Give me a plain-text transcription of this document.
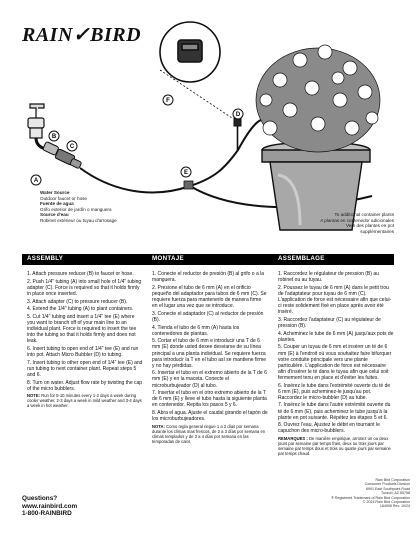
RAIN✓BIRD
A
B
C
D
E
F
Water Source
Outdoor faucet or hose
Fuente de agua
Grifo exterior de jardín o manguera
Source d'eau
Robinet extérieur ou tuyau d'arrosage
To additional container plants
A plantas en contenedor adicionales
Vers des plantes en pot supplémentaires
ASSEMBLY	MONTAJE	ASSEMBLAGE
1. Attach pressure reducer (B) to faucet or hose.
2. Push 1/4" tubing (A) into small hole of 1/4" tubing adapter (C). Force is required so that it holds firmly in place once inserted.
3. Attach adapter (C) to pressure reducer (B).
4. Extend the 1/4" tubing (A) to plant containers.
5. Cut 1/4" tubing and insert a 1/4" tee (E) where you want to branch off of your main line to an individual plant. Force is required to insert the tee into the tubing so that it holds firmly and does not leak.
6. Insert tubing to open end of 1/4" tee (E) and run into pot. Attach Micro Bubbler (D) to tubing.
7. Insert tubing to other open end of 1/4" tee (E) and run tubing to next container plant. Repeat steps 5 and 6.
8. Turn on water. Adjust flow rate by twisting the cap of the micro bubblers.
NOTE: Run for 5-10 minutes every 1-2 days a week during cooler weather, 2-3 days a week in mild weather and 3-4 days a week in hot weather.
1. Conecte el reductor de presión (B) al grifo o a la manguera.
2. Presione el tubo de 6 mm (A) en el orificio pequeño del adaptador para tubos de 6 mm (C). Se requiere fuerza para mantenerlo de manera firme en el lugar una vez que se introduce.
3. Conecte el adaptador (C) al reductor de presión (B).
4. Tienda el tubo de 6 mm (A) hasta los contenedores de plantas.
5. Cortar el tubo de 6 mm e introducir una T de 6 mm (E) donde usted desee desviarse de su línea principal a una planta individual. Se requiere fuerza para introducir la T en el tubo así se mantiene firme y no hay pérdidas.
6. Insertar el tubo en el extremo abierto de la T de 6 mm (E) y en la maceta. Conecte el microburbujeador (D) al tubo.
7. Insertar el tubo en el otro extremo abierto de la T de 6 mm (E) y lleve el tubo hasta la siguiente planta en contenedor. Repita los pasos 5 y 6.
8. Abra el agua. Ajuste el caudal girando el tapón de los microburbujeadores.
NOTA: Como regla general riegue 1 a 2 días por semana durante los climas mas frescos, de 2 a 3 días por semana en climas templados y de 3 a 4 días por semana en las temporadas de calor.
1. Raccordez le régulateur de pression (B) au robinet ou au tuyau.
2. Poussez le tuyau de 6 mm (A) dans le petit trou de l'adaptateur pour tuyau de 6 mm (C). L'application de force est nécessaire afin que celui-ci reste solidement fixé en place après avoir été inséré.
3. Raccordez l'adaptateur (C) au régulateur de pression (B).
4. Acheminez le tube de 6 mm (A) jusqu'aux pots de plantes.
5. Couper un tuyau de 6 mm et insérer un té de 6 mm (E) à l'endroit où vous souhaitez faire bifurquer votre conduite principale vers une plante particulière. L'application de force est nécessaire afin d'insérer le té dans le tuyau afin que celui soit fermement tenu en place et d'éviter les fuites.
6. Insérez le tube dans l'extrémité ouverte du té de 6 mm (E), puis acheminez-le jusqu'au pot. Raccordez le micro-bubbler (D) au tube.
7. Insérez le tube dans l'autre extrémité ouverte du té de 6 mm (E), puis acheminez le tube jusqu'à la plante en pot suivante. Répétez les étapes 5 et 6.
8. Ouvrez l'eau. Ajustez le débit en tournant le capuchon des micro-bubblers.
REMARQUES : De manière empirique, arrosez un ou deux jours par semaine par temps frais, deux ou trois jours par semaine par temps doux et trois ou quatre jours par semaine par temps chaud.
Questions?
www.rainbird.com
1-800-RAINBIRD
Rain Bird Corporation
Consumer Products Division
6991 East Southpoint Road
Tucson, AZ 85756
® Registered Trademark of Rain Bird Corporation
© 2024 Rain Bird Corporation
184998 Rev. 10/24
